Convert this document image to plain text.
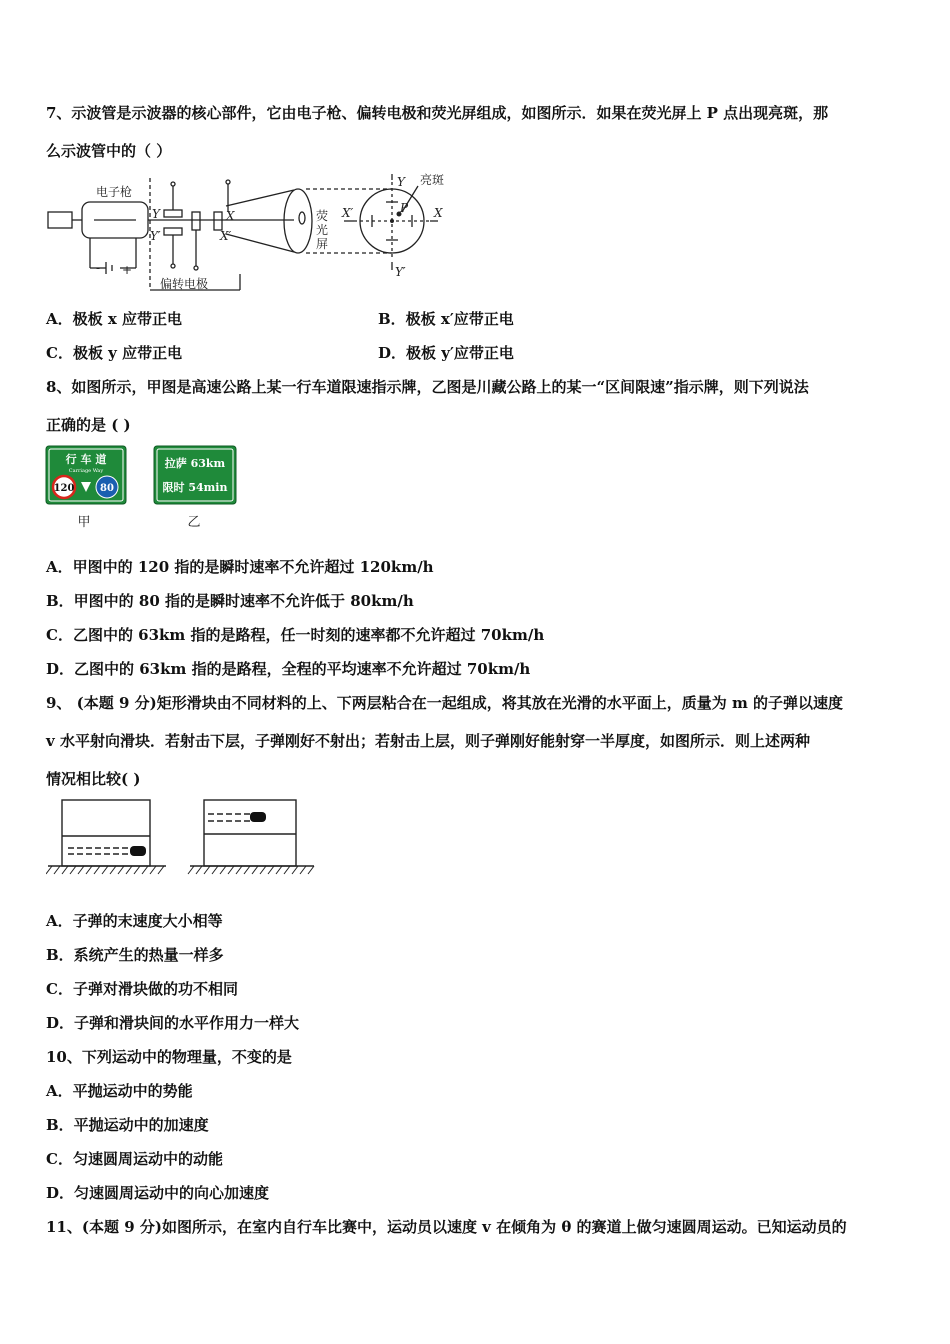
7、示波管是示波器的核心部件，它由电子枪、偏转电极和荧光屏组成，如图所示．如果在荧光屏上 P 点出现亮斑，那
么示波管中的（ ）
电子枪
偏转电极
荧
光
屏
亮斑
- +
Y
Y′
X
X′
Y
Y′
X
X′	P
A．极板 x 应带正电	B．极板 x′应带正电
C．极板 y 应带正电	D．极板 y′应带正电
8、如图所示，甲图是高速公路上某一行车道限速指示牌，乙图是川藏公路上的某一“区间限速”指示牌，则下列说法
正确的是 ( )
行 车 道
Carriage Way
120	80
甲
拉萨 63km
限时 54min
乙
A．甲图中的 120 指的是瞬时速率不允许超过 120km/h
B．甲图中的 80 指的是瞬时速率不允许低于 80km/h
C．乙图中的 63km 指的是路程，任一时刻的速率都不允许超过 70km/h
D．乙图中的 63km 指的是路程，全程的平均速率不允许超过 70km/h
9、 (本题 9 分)矩形滑块由不同材料的上、下两层粘合在一起组成，将其放在光滑的水平面上，质量为 m 的子弹以速度
v 水平射向滑块．若射击下层，子弹刚好不射出；若射击上层，则子弹刚好能射穿一半厚度，如图所示．则上述两种
情况相比较( )
A．子弹的末速度大小相等
B．系统产生的热量一样多
C．子弹对滑块做的功不相同
D．子弹和滑块间的水平作用力一样大
10、下列运动中的物理量，不变的是
A．平抛运动中的势能
B．平抛运动中的加速度
C．匀速圆周运动中的动能
D．匀速圆周运动中的向心加速度
11、(本题 9 分)如图所示，在室内自行车比赛中，运动员以速度 v 在倾角为 θ 的赛道上做匀速圆周运动。已知运动员的
